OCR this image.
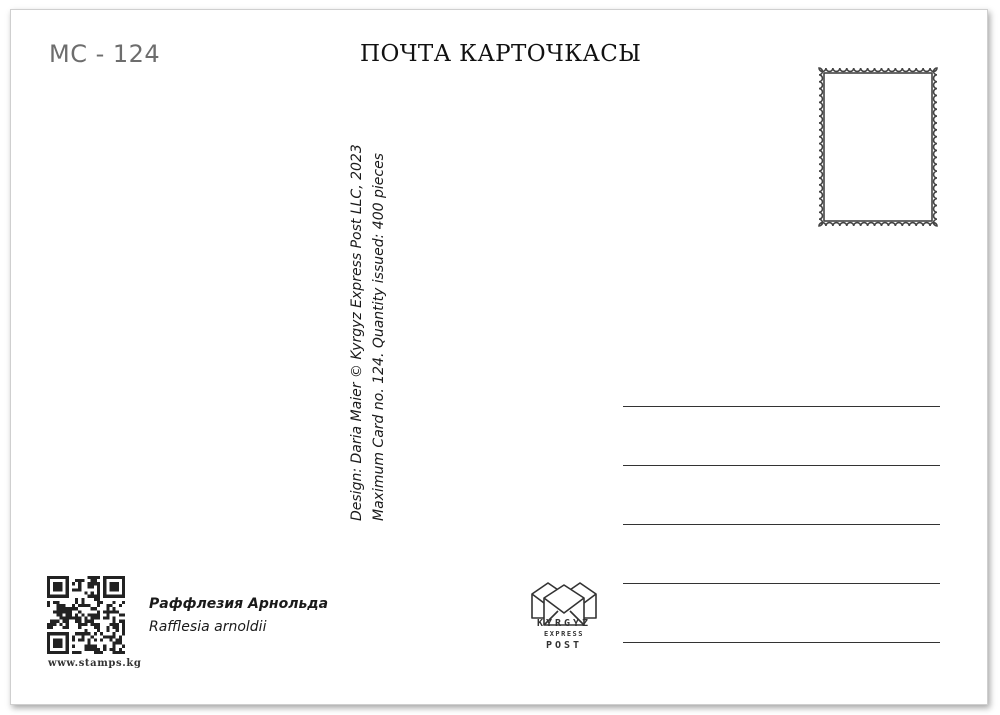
MC - 124	ПОЧТА КАРТОЧКАСЫ
Design: Daria Maier © Kyrgyz Express Post LLC, 2023 Maximum Card no. 124. Quantity issued: 400 pieces
www.stamps.kg
Раффлезия Арнольда
Rafflesia arnoldii	KYRGYZ
EXPRESS
POST
